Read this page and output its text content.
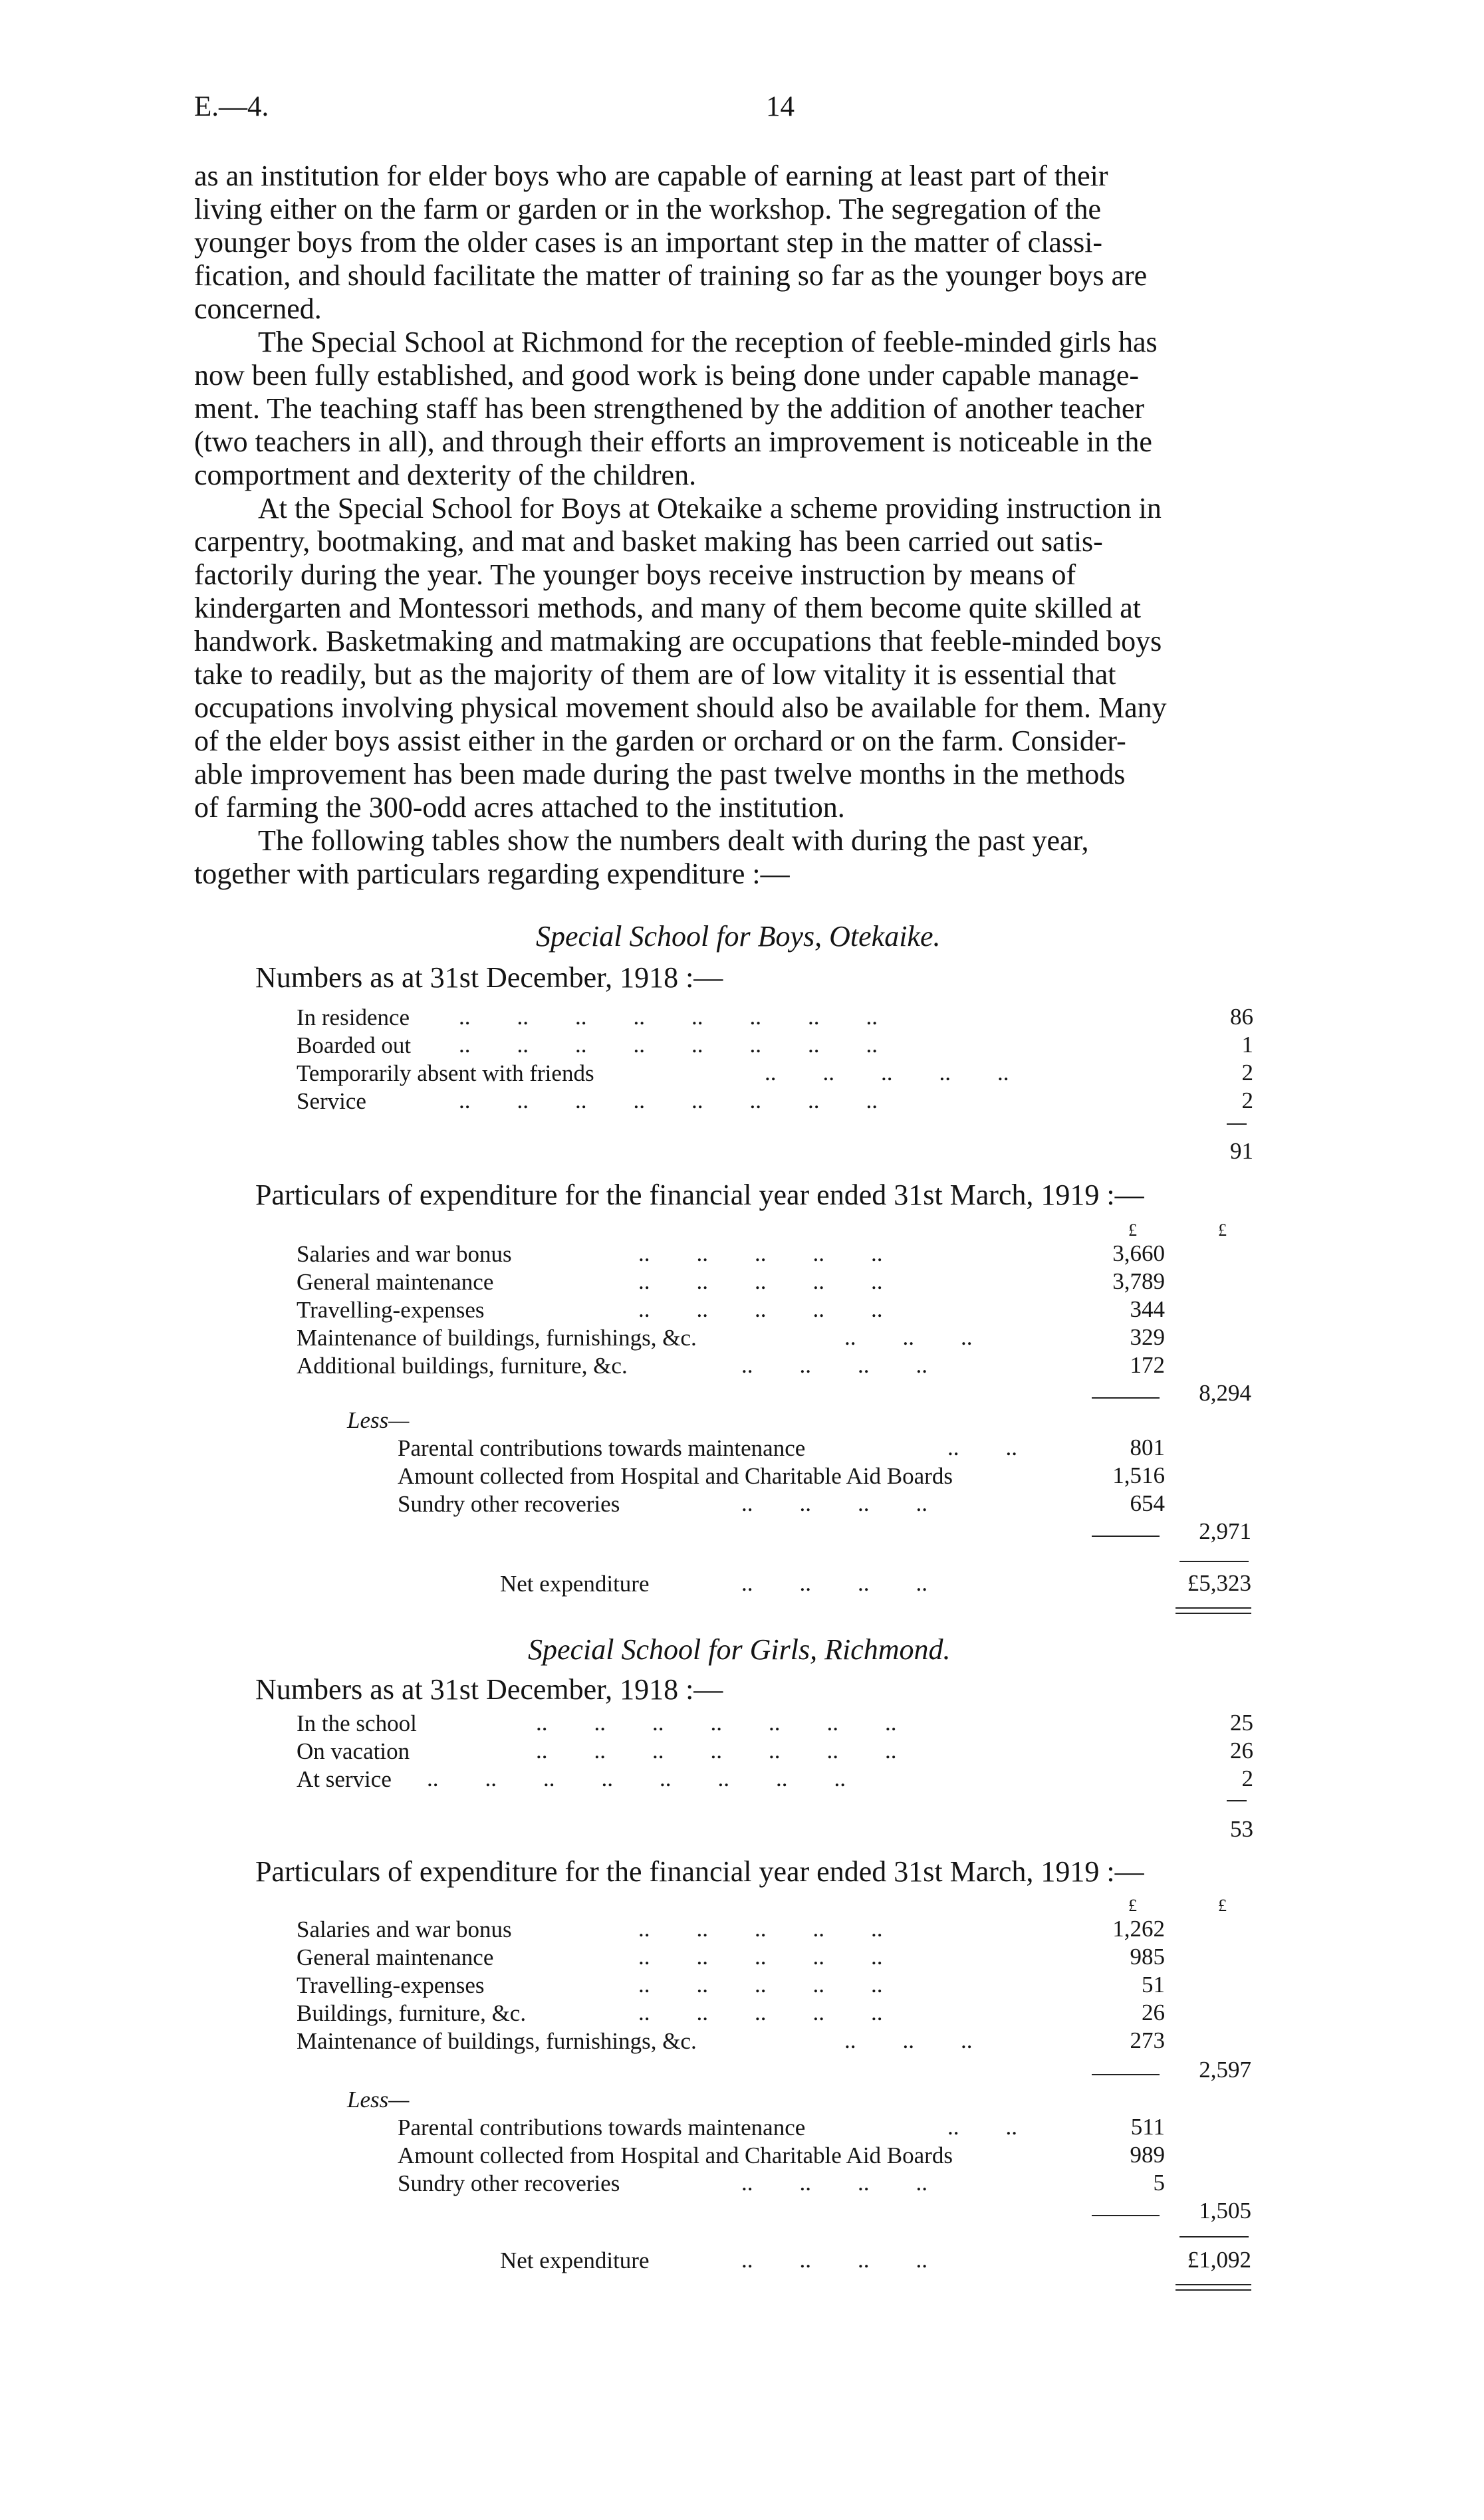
E.—4.	14
as an institution for elder boys who are capable of earning at least part of their
living either on the farm or garden or in the workshop. The segregation of the
younger boys from the older cases is an important step in the matter of classi-
fication, and should facilitate the matter of training so far as the younger boys are
concerned.
The Special School at Richmond for the reception of feeble-minded girls has
now been fully established, and good work is being done under capable manage-
ment. The teaching staff has been strengthened by the addition of another teacher
(two teachers in all), and through their efforts an improvement is noticeable in the
comportment and dexterity of the children.
At the Special School for Boys at Otekaike a scheme providing instruction in
carpentry, bootmaking, and mat and basket making has been carried out satis-
factorily during the year. The younger boys receive instruction by means of
kindergarten and Montessori methods, and many of them become quite skilled at
handwork. Basketmaking and matmaking are occupations that feeble-minded boys
take to readily, but as the majority of them are of low vitality it is essential that
occupations involving physical movement should also be available for them. Many
of the elder boys assist either in the garden or orchard or on the farm. Consider-
able improvement has been made during the past twelve months in the methods
of farming the 300-odd acres attached to the institution.
The following tables show the numbers dealt with during the past year,
together with particulars regarding expenditure :—
Special School for Boys, Otekaike.
Numbers as at 31st December, 1918 :—
In residence ..        ..        ..        ..        ..        ..        ..        ..	86
Boarded out ..        ..        ..        ..        ..        ..        ..        ..	1
Temporarily absent with friends	..        ..        ..        ..        ..	2
Service	..        ..        ..        ..        ..        ..        ..        ..	2
91
Particulars of expenditure for the financial year ended 31st March, 1919 :—
£	£
Salaries and war bonus	..        ..        ..        ..        ..	3,660
General maintenance	..        ..        ..        ..        ..	3,789
Travelling-expenses	..        ..        ..        ..        ..	344
Maintenance of buildings, furnishings, &c.	..        ..        ..	329
Additional buildings, furniture, &c.	..        ..        ..        ..	172
8,294
Less—
Parental contributions towards maintenance	..        ..	801
Amount collected from Hospital and Charitable Aid Boards	1,516
Sundry other recoveries	..        ..        ..        ..	654
2,971
Net expenditure	..        ..        ..        ..	£5,323
Special School for Girls, Richmond.
Numbers as at 31st December, 1918 :—
In the school	..        ..        ..        ..        ..        ..        ..	25
On vacation	..        ..        ..        ..        ..        ..        ..	26
At service ..        ..        ..        ..        ..        ..        ..        ..	2
53
Particulars of expenditure for the financial year ended 31st March, 1919 :—
£	£
Salaries and war bonus	..        ..        ..        ..        ..	1,262
General maintenance	..        ..        ..        ..        ..	985
Travelling-expenses	..        ..        ..        ..        ..	51
Buildings, furniture, &c.	..        ..        ..        ..        ..	26
Maintenance of buildings, furnishings, &c.	..        ..        ..	273
2,597
Less—
Parental contributions towards maintenance	..        ..	511
Amount collected from Hospital and Charitable Aid Boards	989
Sundry other recoveries	..        ..        ..        ..	5
1,505
Net expenditure	..        ..        ..        ..	£1,092
